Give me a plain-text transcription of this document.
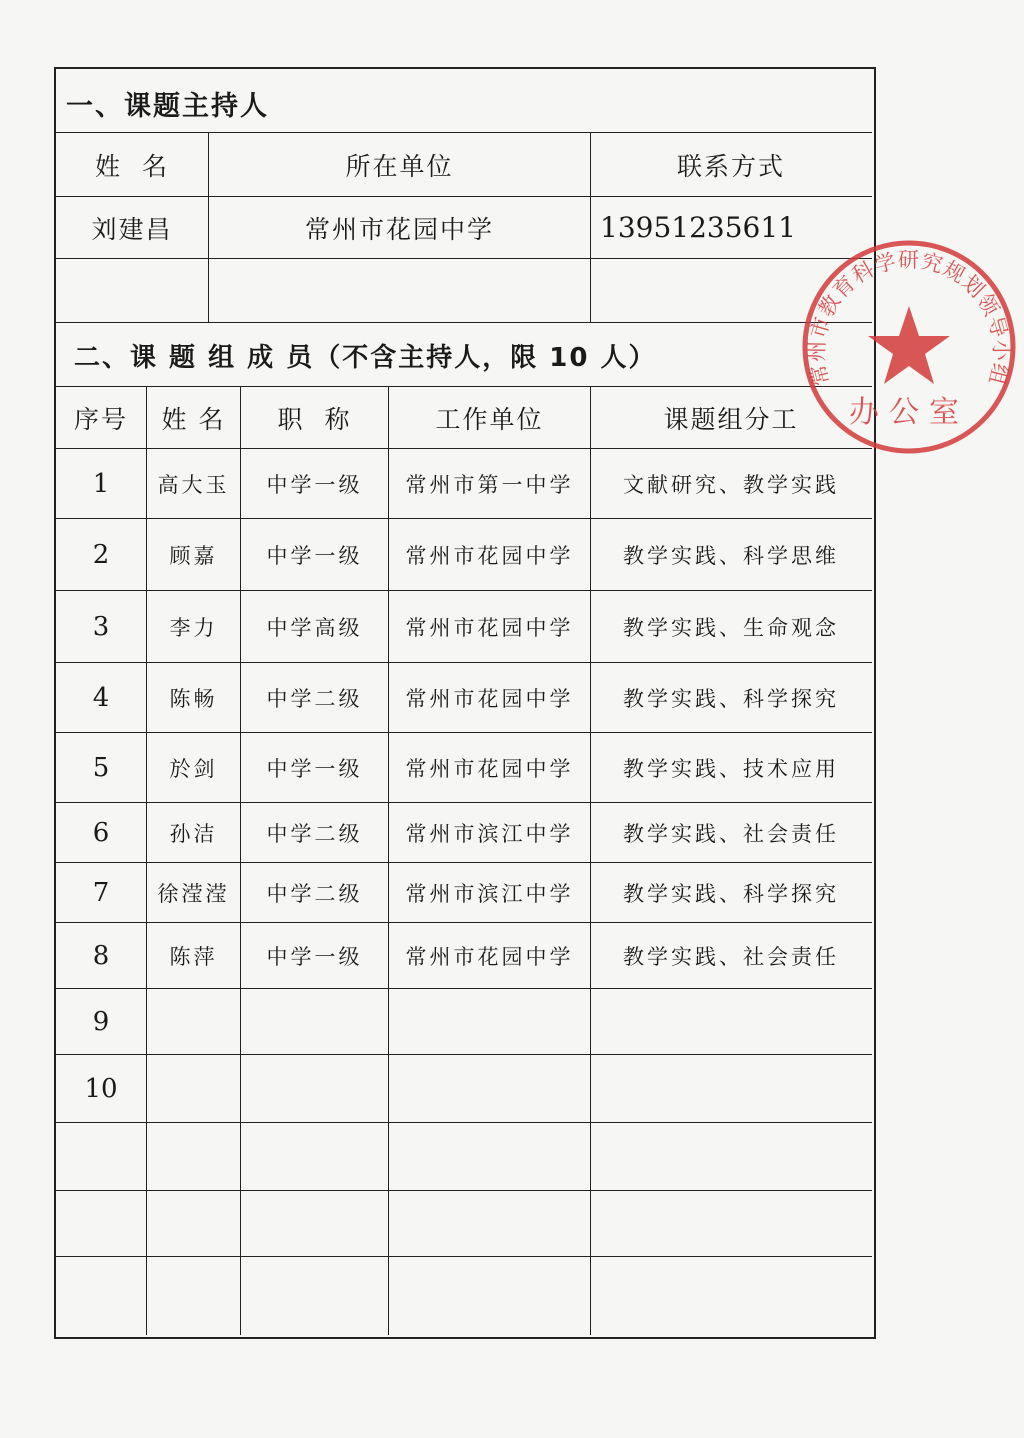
一、课题主持人
姓  名	所在单位	联系方式
刘建昌	常州市花园中学	13951235611
二、课 题 组 成 员（不含主持人，限 10 人）
序号	姓 名	职  称	工作单位	课题组分工
1	高大玉	中学一级	常州市第一中学	文献研究、教学实践
2	顾嘉	中学一级	常州市花园中学	教学实践、科学思维
3	李力	中学高级	常州市花园中学	教学实践、生命观念
4	陈畅	中学二级	常州市花园中学	教学实践、科学探究
5	於剑	中学一级	常州市花园中学	教学实践、技术应用
6	孙洁	中学二级	常州市滨江中学	教学实践、社会责任
7	徐滢滢	中学二级	常州市滨江中学	教学实践、科学探究
8	陈萍	中学一级	常州市花园中学	教学实践、社会责任
9
10
常州市教育科学研究规划领导小组
办公室
